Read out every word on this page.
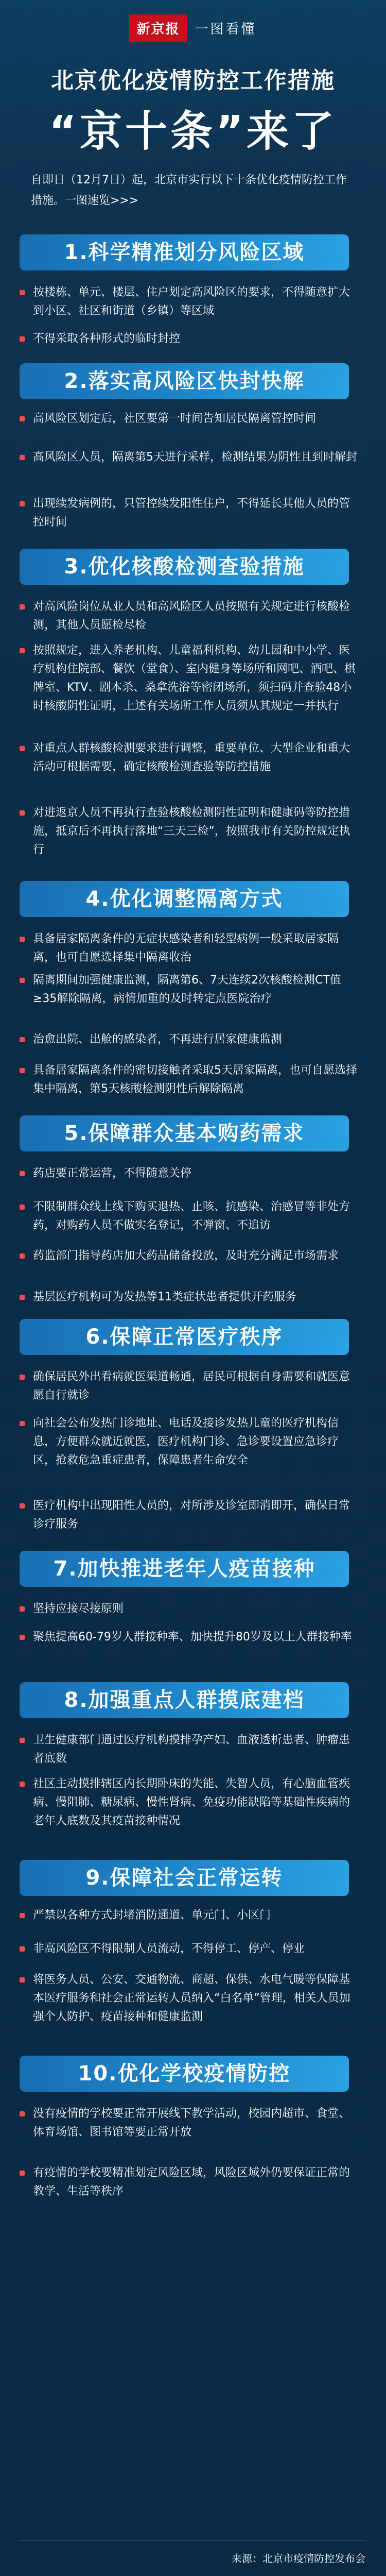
新京报 一图看懂
北京优化疫情防控工作措施
“京十条”来了
自即日（12月7日）起，北京市实行以下十条优化疫情防控工作措施。一图速览>>>
1.科学精准划分风险区域
按楼栋、单元、楼层、住户划定高风险区的要求，不得随意扩大到小区、社区和街道（乡镇）等区域
不得采取各种形式的临时封控
2.落实高风险区快封快解
高风险区划定后，社区要第一时间告知居民隔离管控时间
高风险区人员，隔离第5天进行采样，检测结果为阴性且到时解封
出现续发病例的，只管控续发阳性住户，不得延长其他人员的管控时间
3.优化核酸检测查验措施
对高风险岗位从业人员和高风险区人员按照有关规定进行核酸检测，其他人员愿检尽检
按照规定，进入养老机构、儿童福利机构、幼儿园和中小学、医疗机构住院部、餐饮（堂食）、室内健身等场所和网吧、酒吧、棋牌室、KTV、剧本杀、桑拿洗浴等密闭场所，须扫码并查验48小时核酸阴性证明，上述有关场所工作人员须从其规定一并执行
对重点人群核酸检测要求进行调整，重要单位、大型企业和重大活动可根据需要，确定核酸检测查验等防控措施
对进返京人员不再执行查验核酸检测阴性证明和健康码等防控措施，抵京后不再执行落地“三天三检”，按照我市有关防控规定执行
4.优化调整隔离方式
具备居家隔离条件的无症状感染者和轻型病例一般采取居家隔离，也可自愿选择集中隔离收治
隔离期间加强健康监测，隔离第6、7天连续2次核酸检测CT值≥35解除隔离，病情加重的及时转定点医院治疗
治愈出院、出舱的感染者，不再进行居家健康监测
具备居家隔离条件的密切接触者采取5天居家隔离，也可自愿选择集中隔离，第5天核酸检测阴性后解除隔离
5.保障群众基本购药需求
药店要正常运营，不得随意关停
不限制群众线上线下购买退热、止咳、抗感染、治感冒等非处方药，对购药人员不做实名登记，不弹窗、不追访
药监部门指导药店加大药品储备投放，及时充分满足市场需求
基层医疗机构可为发热等11类症状患者提供开药服务
6.保障正常医疗秩序
确保居民外出看病就医渠道畅通，居民可根据自身需要和就医意愿自行就诊
向社会公布发热门诊地址、电话及接诊发热儿童的医疗机构信息，方便群众就近就医，医疗机构门诊、急诊要设置应急诊疗区，抢救危急重症患者，保障患者生命安全
医疗机构中出现阳性人员的，对所涉及诊室即消即开，确保日常诊疗服务
7.加快推进老年人疫苗接种
坚持应接尽接原则
聚焦提高60-79岁人群接种率、加快提升80岁及以上人群接种率
8.加强重点人群摸底建档
卫生健康部门通过医疗机构摸排孕产妇、血液透析患者、肿瘤患者底数
社区主动摸排辖区内长期卧床的失能、失智人员，有心脑血管疾病、慢阻肺、糖尿病、慢性肾病、免疫功能缺陷等基础性疾病的老年人底数及其疫苗接种情况
9.保障社会正常运转
严禁以各种方式封堵消防通道、单元门、小区门
非高风险区不得限制人员流动，不得停工、停产、停业
将医务人员、公安、交通物流、商超、保供、水电气暖等保障基本医疗服务和社会正常运转人员纳入“白名单”管理，相关人员加强个人防护、疫苗接种和健康监测
10.优化学校疫情防控
没有疫情的学校要正常开展线下教学活动，校园内超市、食堂、体育场馆、图书馆等要正常开放
有疫情的学校要精准划定风险区域，风险区域外仍要保证正常的教学、生活等秩序
来源：北京市疫情防控发布会
